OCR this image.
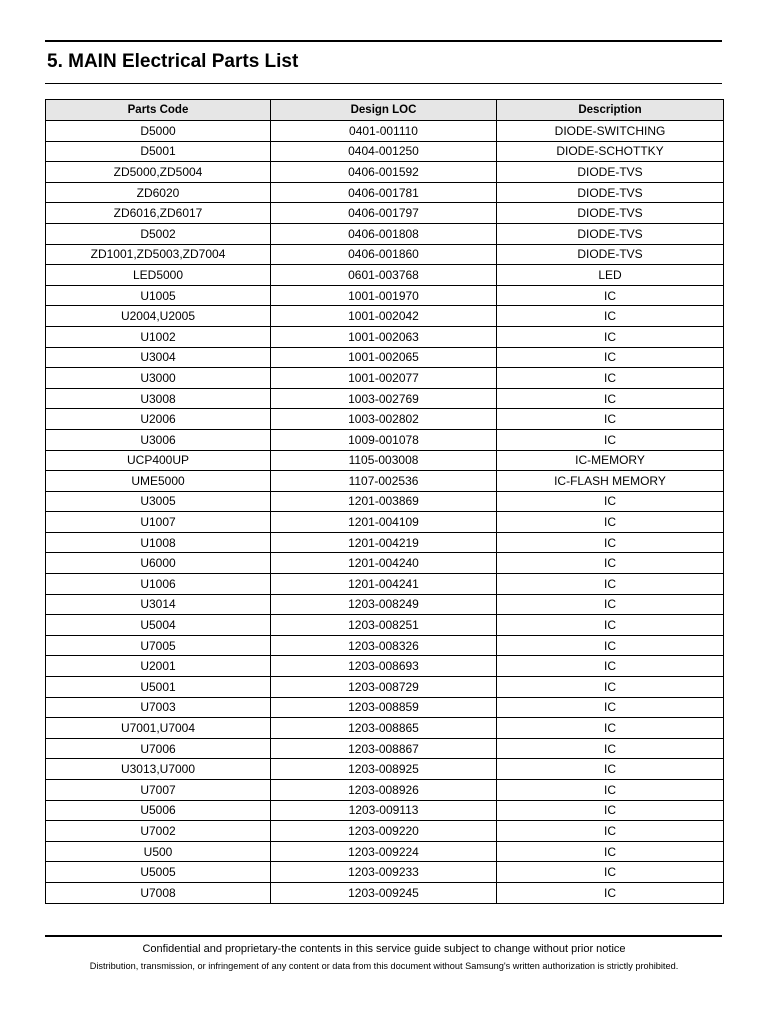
5. MAIN Electrical Parts List
Parts Code	Design LOC	Description
D5000	0401-001110	DIODE-SWITCHING
D5001	0404-001250	DIODE-SCHOTTKY
ZD5000,ZD5004	0406-001592	DIODE-TVS
ZD6020	0406-001781	DIODE-TVS
ZD6016,ZD6017	0406-001797	DIODE-TVS
D5002	0406-001808	DIODE-TVS
ZD1001,ZD5003,ZD7004	0406-001860	DIODE-TVS
LED5000	0601-003768	LED
U1005	1001-001970	IC
U2004,U2005	1001-002042	IC
U1002	1001-002063	IC
U3004	1001-002065	IC
U3000	1001-002077	IC
U3008	1003-002769	IC
U2006	1003-002802	IC
U3006	1009-001078	IC
UCP400UP	1105-003008	IC-MEMORY
UME5000	1107-002536	IC-FLASH MEMORY
U3005	1201-003869	IC
U1007	1201-004109	IC
U1008	1201-004219	IC
U6000	1201-004240	IC
U1006	1201-004241	IC
U3014	1203-008249	IC
U5004	1203-008251	IC
U7005	1203-008326	IC
U2001	1203-008693	IC
U5001	1203-008729	IC
U7003	1203-008859	IC
U7001,U7004	1203-008865	IC
U7006	1203-008867	IC
U3013,U7000	1203-008925	IC
U7007	1203-008926	IC
U5006	1203-009113	IC
U7002	1203-009220	IC
U500	1203-009224	IC
U5005	1203-009233	IC
U7008	1203-009245	IC
Confidential and proprietary-the contents in this service guide subject to change without prior notice
Distribution, transmission, or infringement of any content or data from this document without Samsung's written authorization is strictly prohibited.
